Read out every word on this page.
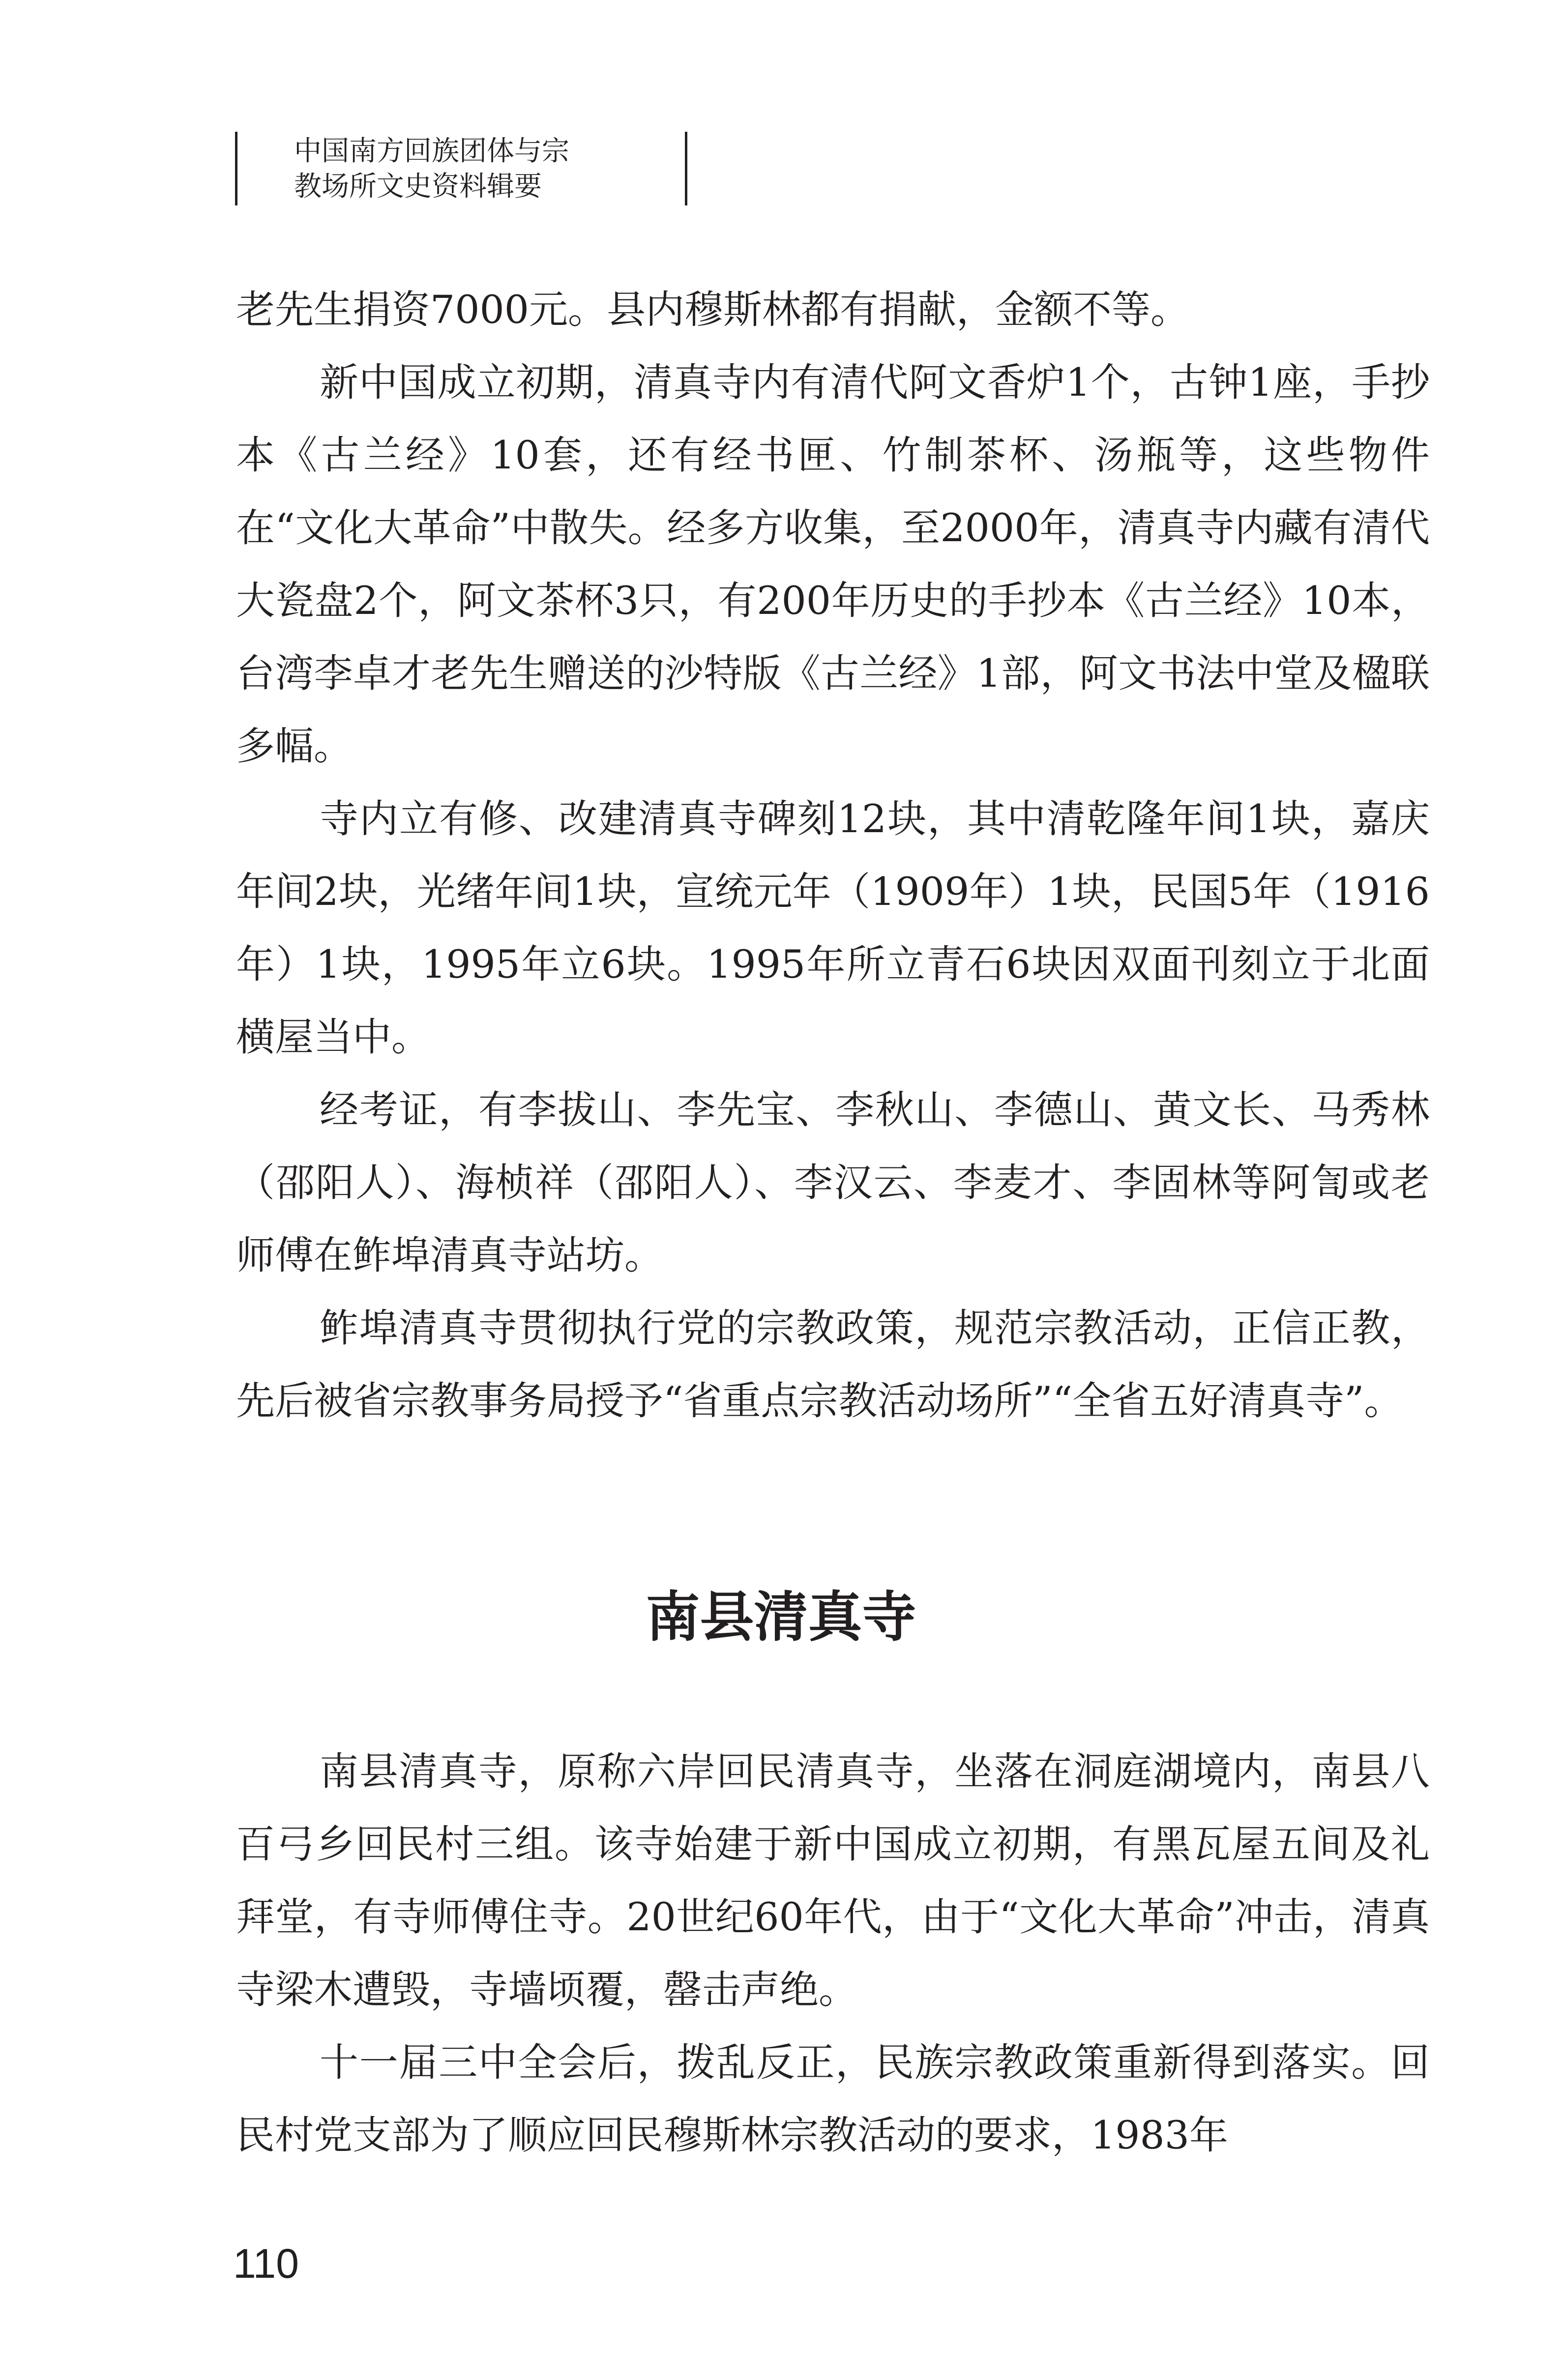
中国南方回族团体与宗
教场所文史资料辑要

老先生捐资7000元。县内穆斯林都有捐献，金额不等。

新中国成立初期，清真寺内有清代阿文香炉1个，古钟1座，手抄本《古兰经》10套，还有经书匣、竹制茶杯、汤瓶等，这些物件在“文化大革命”中散失。经多方收集，至2000年，清真寺内藏有清代大瓷盘2个，阿文茶杯3只，有200年历史的手抄本《古兰经》10本，台湾李卓才老先生赠送的沙特版《古兰经》1部，阿文书法中堂及楹联多幅。

寺内立有修、改建清真寺碑刻12块，其中清乾隆年间1块，嘉庆年间2块，光绪年间1块，宣统元年（1909年）1块，民国5年（1916年）1块，1995年立6块。1995年所立青石6块因双面刊刻立于北面横屋当中。

经考证，有李拔山、李先宝、李秋山、李德山、黄文长、马秀林（邵阳人）、海桢祥（邵阳人）、李汉云、李麦才、李固林等阿訇或老师傅在鲊埠清真寺站坊。

鲊埠清真寺贯彻执行党的宗教政策，规范宗教活动，正信正教，先后被省宗教事务局授予“省重点宗教活动场所”“全省五好清真寺”。

南县清真寺

南县清真寺，原称六岸回民清真寺，坐落在洞庭湖境内，南县八百弓乡回民村三组。该寺始建于新中国成立初期，有黑瓦屋五间及礼拜堂，有寺师傅住寺。20世纪60年代，由于“文化大革命”冲击，清真寺梁木遭毁，寺墙顷覆，罄击声绝。

十一届三中全会后，拨乱反正，民族宗教政策重新得到落实。回民村党支部为了顺应回民穆斯林宗教活动的要求，1983年

110
